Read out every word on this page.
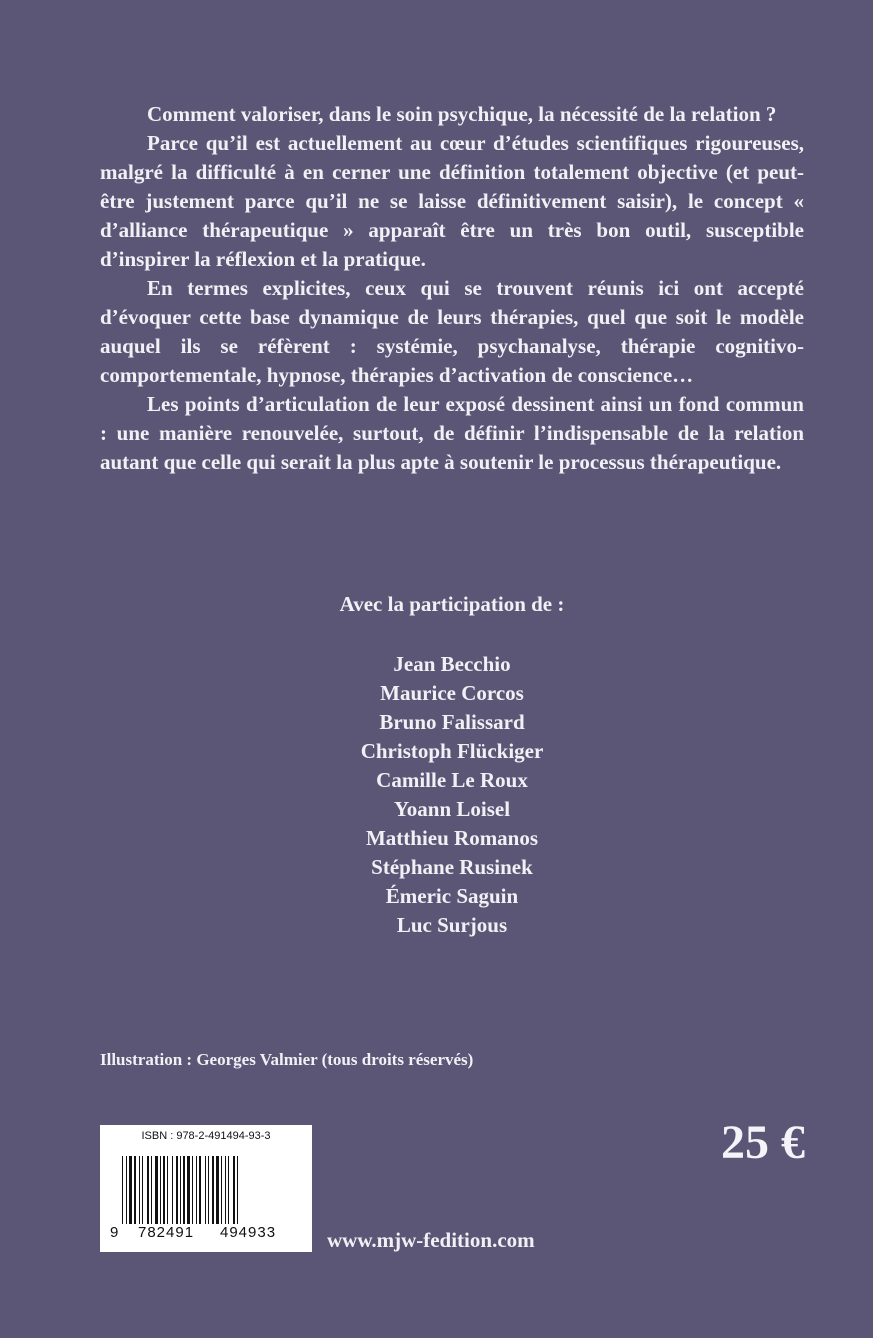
Comment valoriser, dans le soin psychique, la nécessité de la relation ?

Parce qu’il est actuellement au cœur d’études scientifiques rigoureuses, malgré la difficulté à en cerner une définition totalement objective (et peut-être justement parce qu’il ne se laisse définitivement saisir), le concept « d’alliance thérapeutique » apparaît être un très bon outil, susceptible d’inspirer la réflexion et la pratique.

En termes explicites, ceux qui se trouvent réunis ici ont accepté d’évoquer cette base dynamique de leurs thérapies, quel que soit le modèle auquel ils se réfèrent : systémie, psychanalyse, thérapie cognitivo-comportementale, hypnose, thérapies d’activation de conscience…

Les points d’articulation de leur exposé dessinent ainsi un fond commun : une manière renouvelée, surtout, de définir l’indispensable de la relation autant que celle qui serait la plus apte à soutenir le processus thérapeutique.

Avec la participation de :
Jean Becchio
Maurice Corcos
Bruno Falissard
Christoph Flückiger
Camille Le Roux
Yoann Loisel
Matthieu Romanos
Stéphane Rusinek
Émeric Saguin
Luc Surjous
Illustration : Georges Valmier (tous droits réservés)
ISBN : 978-2-491494-93-3
9 782491 494933
25 €
www.mjw-fedition.com
